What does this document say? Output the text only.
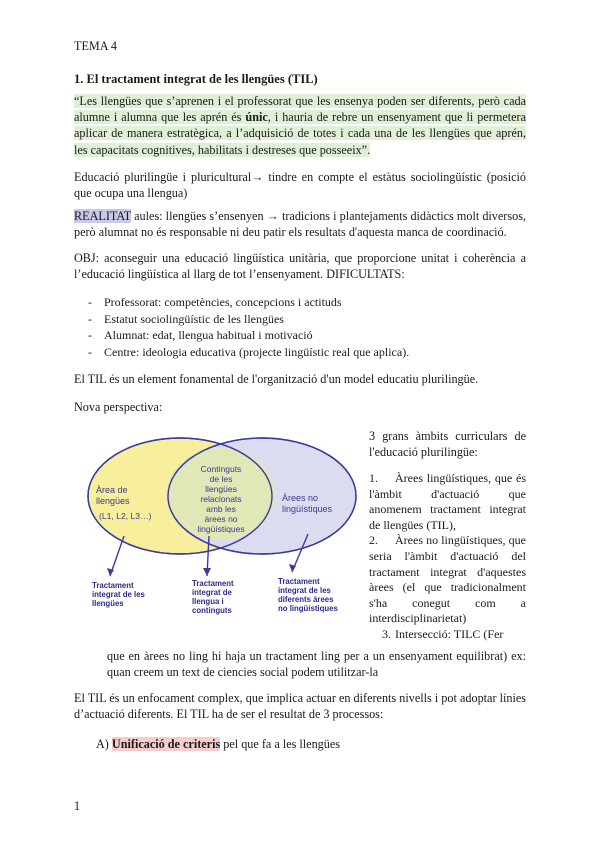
TEMA 4
1. El tractament integrat de les llengües (TIL)
“Les llengües que s’aprenen i el professorat que les ensenya poden ser diferents, però cada alumne i alumna que les aprén és únic, i hauria de rebre un ensenyament que li permetera aplicar de manera estratègica, a l’adquisició de totes i cada una de les llengües que aprén, les capacitats cognitives, habilitats i destreses que posseeix”.
Educació plurilingüe i pluricultural→ tindre en compte el estàtus sociolingüístic (posició que ocupa una llengua)
REALITAT aules: llengües s’ensenyen → tradicions i plantejaments didàctics molt diversos, però alumnat no és responsable ni deu patir els resultats d'aquesta manca de coordinació.
OBJ: aconseguir una educació lingüística unitària, que proporcione unitat i coherència a l’educació lingüística al llarg de tot l’ensenyament. DIFICULTATS:
- Professorat: competències, concepcions i actituds
- Estatut sociolingüístic de les llengües
- Alumnat: edat, llengua habitual i motivació
- Centre: ideologia educativa (projecte lingüístic real que aplica).
El TIL és un element fonamental de l'organització d'un model educatiu plurilingüe.
Nova perspectiva:
Àrea de
llengües
(L1, L2, L3…)
Continguts
de les
llengües
relacionats
amb les
àrees no
lingüístiques
Àrees no
lingüístiques
Tractament
integrat de les
llengües
Tractament
integrat de
llengua i
continguts
Tractament
integrat de les
diferents àrees
no lingüístiques
3 grans àmbits curriculars de l'educació plurilingüe:
1. Àrees lingüístiques, que és l'àmbit d'actuació que anomenem tractament integrat de llengües (TIL),
2. Àrees no lingüístiques, que seria l'àmbit d'actuació del tractament integrat d'aquestes àrees (el que tradicionalment s'ha conegut com a interdisciplinarietat)
3. Intersecció: TILC (Fer
que en àrees no ling hi haja un tractament ling per a un ensenyament equilibrat) ex: quan creem un text de ciencies social podem utilitzar-la
El TIL és un enfocament complex, que implica actuar en diferents nivells i pot adoptar línies d’actuació diferents. El TIL ha de ser el resultat de 3 processos:
A) Unificació de criteris pel que fa a les llengües
1
